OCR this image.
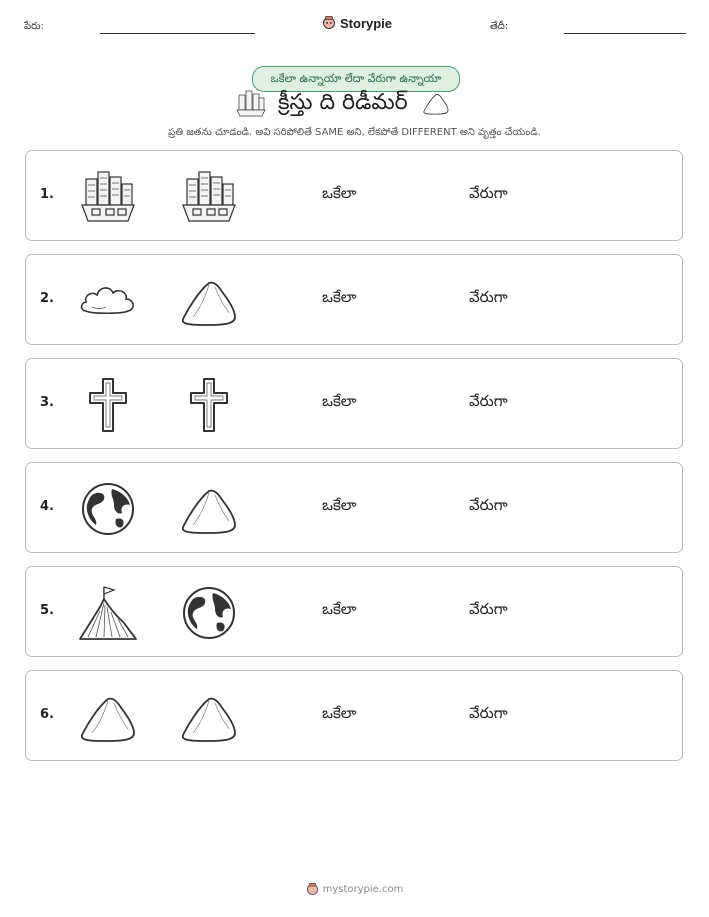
పేరు:	Storypie	తేదీ:
ఒకేలా ఉన్నాయా లేదా వేరుగా ఉన్నాయా
క్రీస్తు ది రిడీమర్
ప్రతి జతను చూడండి. అవి సరిపోలితే SAME అని, లేకపోతే DIFFERENT అని వృత్తం చేయండి.
1.	ఒకేలా	వేరుగా
2.	ఒకేలా	వేరుగా
3.	ఒకేలా	వేరుగా
4.	ఒకేలా	వేరుగా
5.	ఒకేలా	వేరుగా
6.	ఒకేలా	వేరుగా
mystorypie.com
